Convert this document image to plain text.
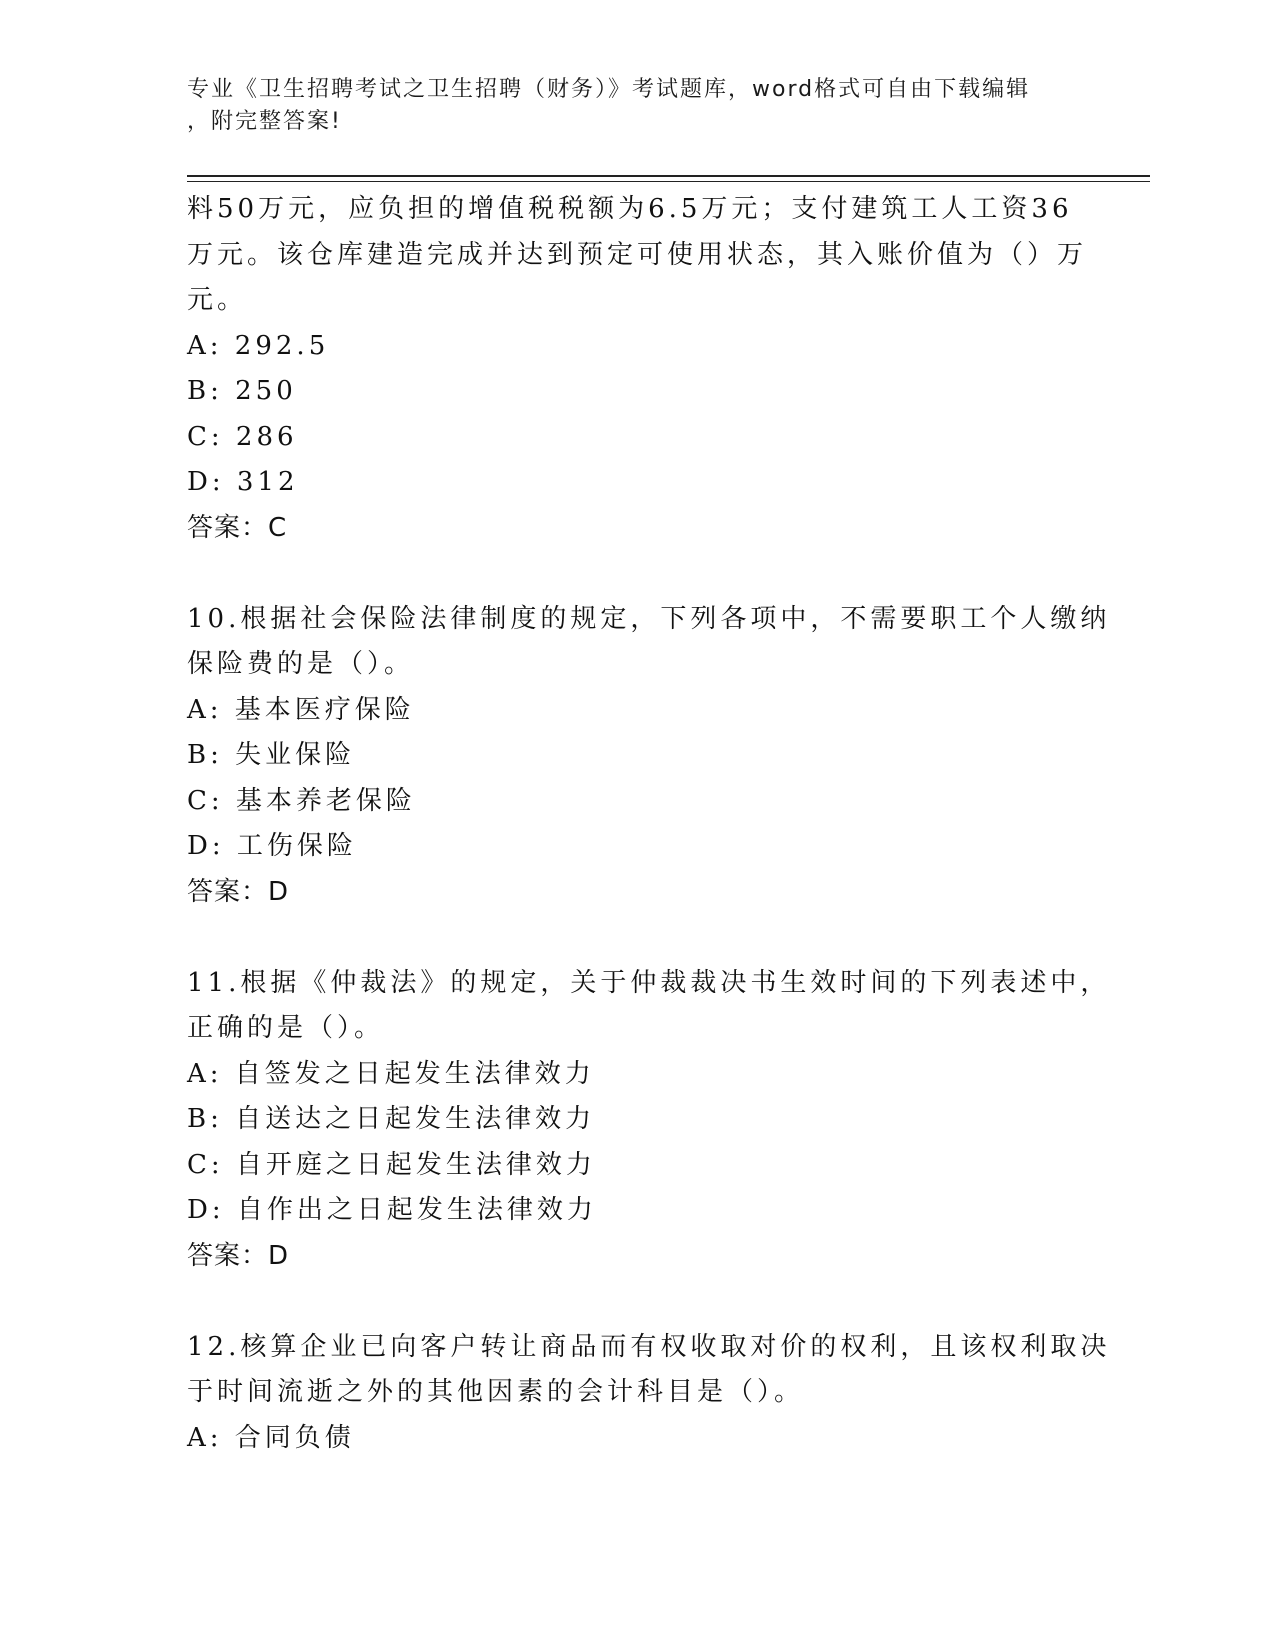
专业《卫生招聘考试之卫生招聘（财务）》考试题库，word格式可自由下载编辑
，附完整答案!
料50万元，应负担的增值税税额为6.5万元；支付建筑工人工资36
万元。该仓库建造完成并达到预定可使用状态，其入账价值为（）万
元。
A: 292.5
B: 250
C: 286
D: 312
答案：C
10.根据社会保险法律制度的规定，下列各项中，不需要职工个人缴纳
保险费的是（）。
A: 基本医疗保险
B: 失业保险
C: 基本养老保险
D: 工伤保险
答案：D
11.根据《仲裁法》的规定，关于仲裁裁决书生效时间的下列表述中，
正确的是（）。
A: 自签发之日起发生法律效力
B: 自送达之日起发生法律效力
C: 自开庭之日起发生法律效力
D: 自作出之日起发生法律效力
答案：D
12.核算企业已向客户转让商品而有权收取对价的权利，且该权利取决
于时间流逝之外的其他因素的会计科目是（）。
A: 合同负债
